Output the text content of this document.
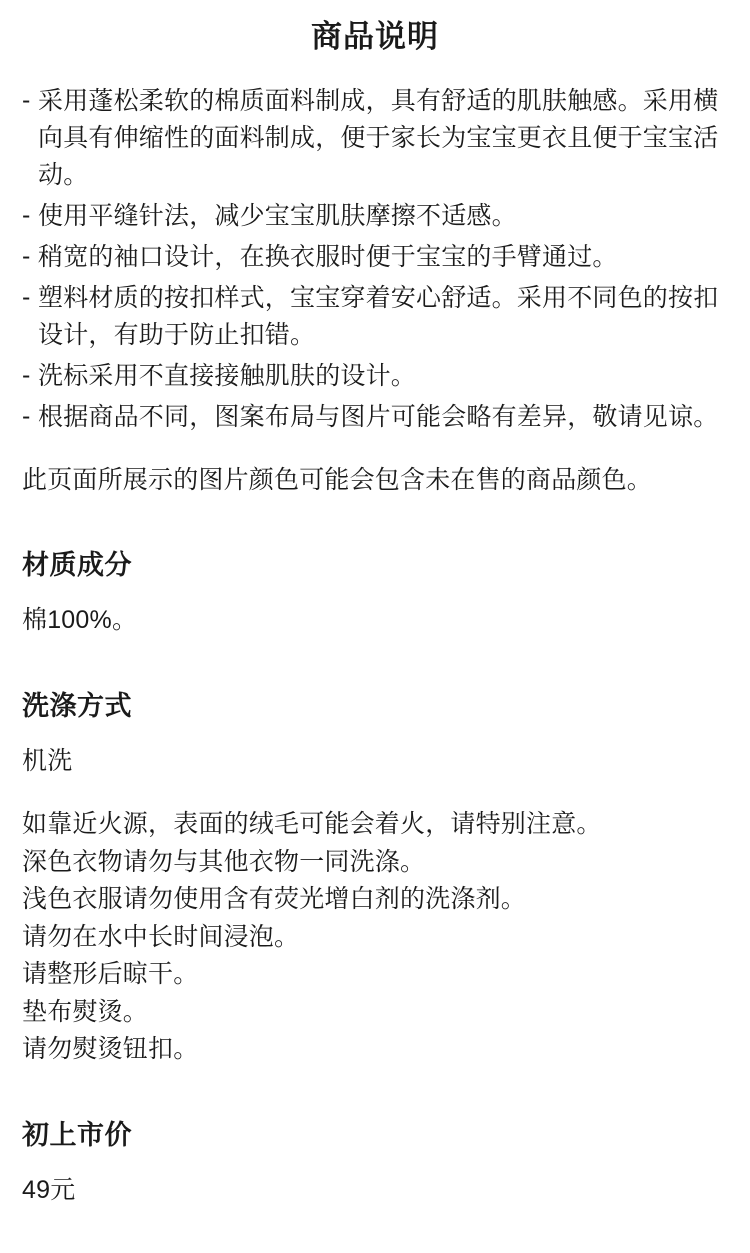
商品说明
- 采用蓬松柔软的棉质面料制成，具有舒适的肌肤触感。采用横向具有伸缩性的面料制成，便于家长为宝宝更衣且便于宝宝活动。
- 使用平缝针法，减少宝宝肌肤摩擦不适感。
- 稍宽的袖口设计，在换衣服时便于宝宝的手臂通过。
- 塑料材质的按扣样式，宝宝穿着安心舒适。采用不同色的按扣设计，有助于防止扣错。
- 洗标采用不直接接触肌肤的设计。
- 根据商品不同，图案布局与图片可能会略有差异，敬请见谅。

此页面所展示的图片颜色可能会包含未在售的商品颜色。

材质成分

棉100%。

洗涤方式

机洗

如靠近火源，表面的绒毛可能会着火，请特别注意。

深色衣物请勿与其他衣物一同洗涤。

浅色衣服请勿使用含有荧光增白剂的洗涤剂。

请勿在水中长时间浸泡。

请整形后晾干。

垫布熨烫。

请勿熨烫钮扣。

初上市价

49元
